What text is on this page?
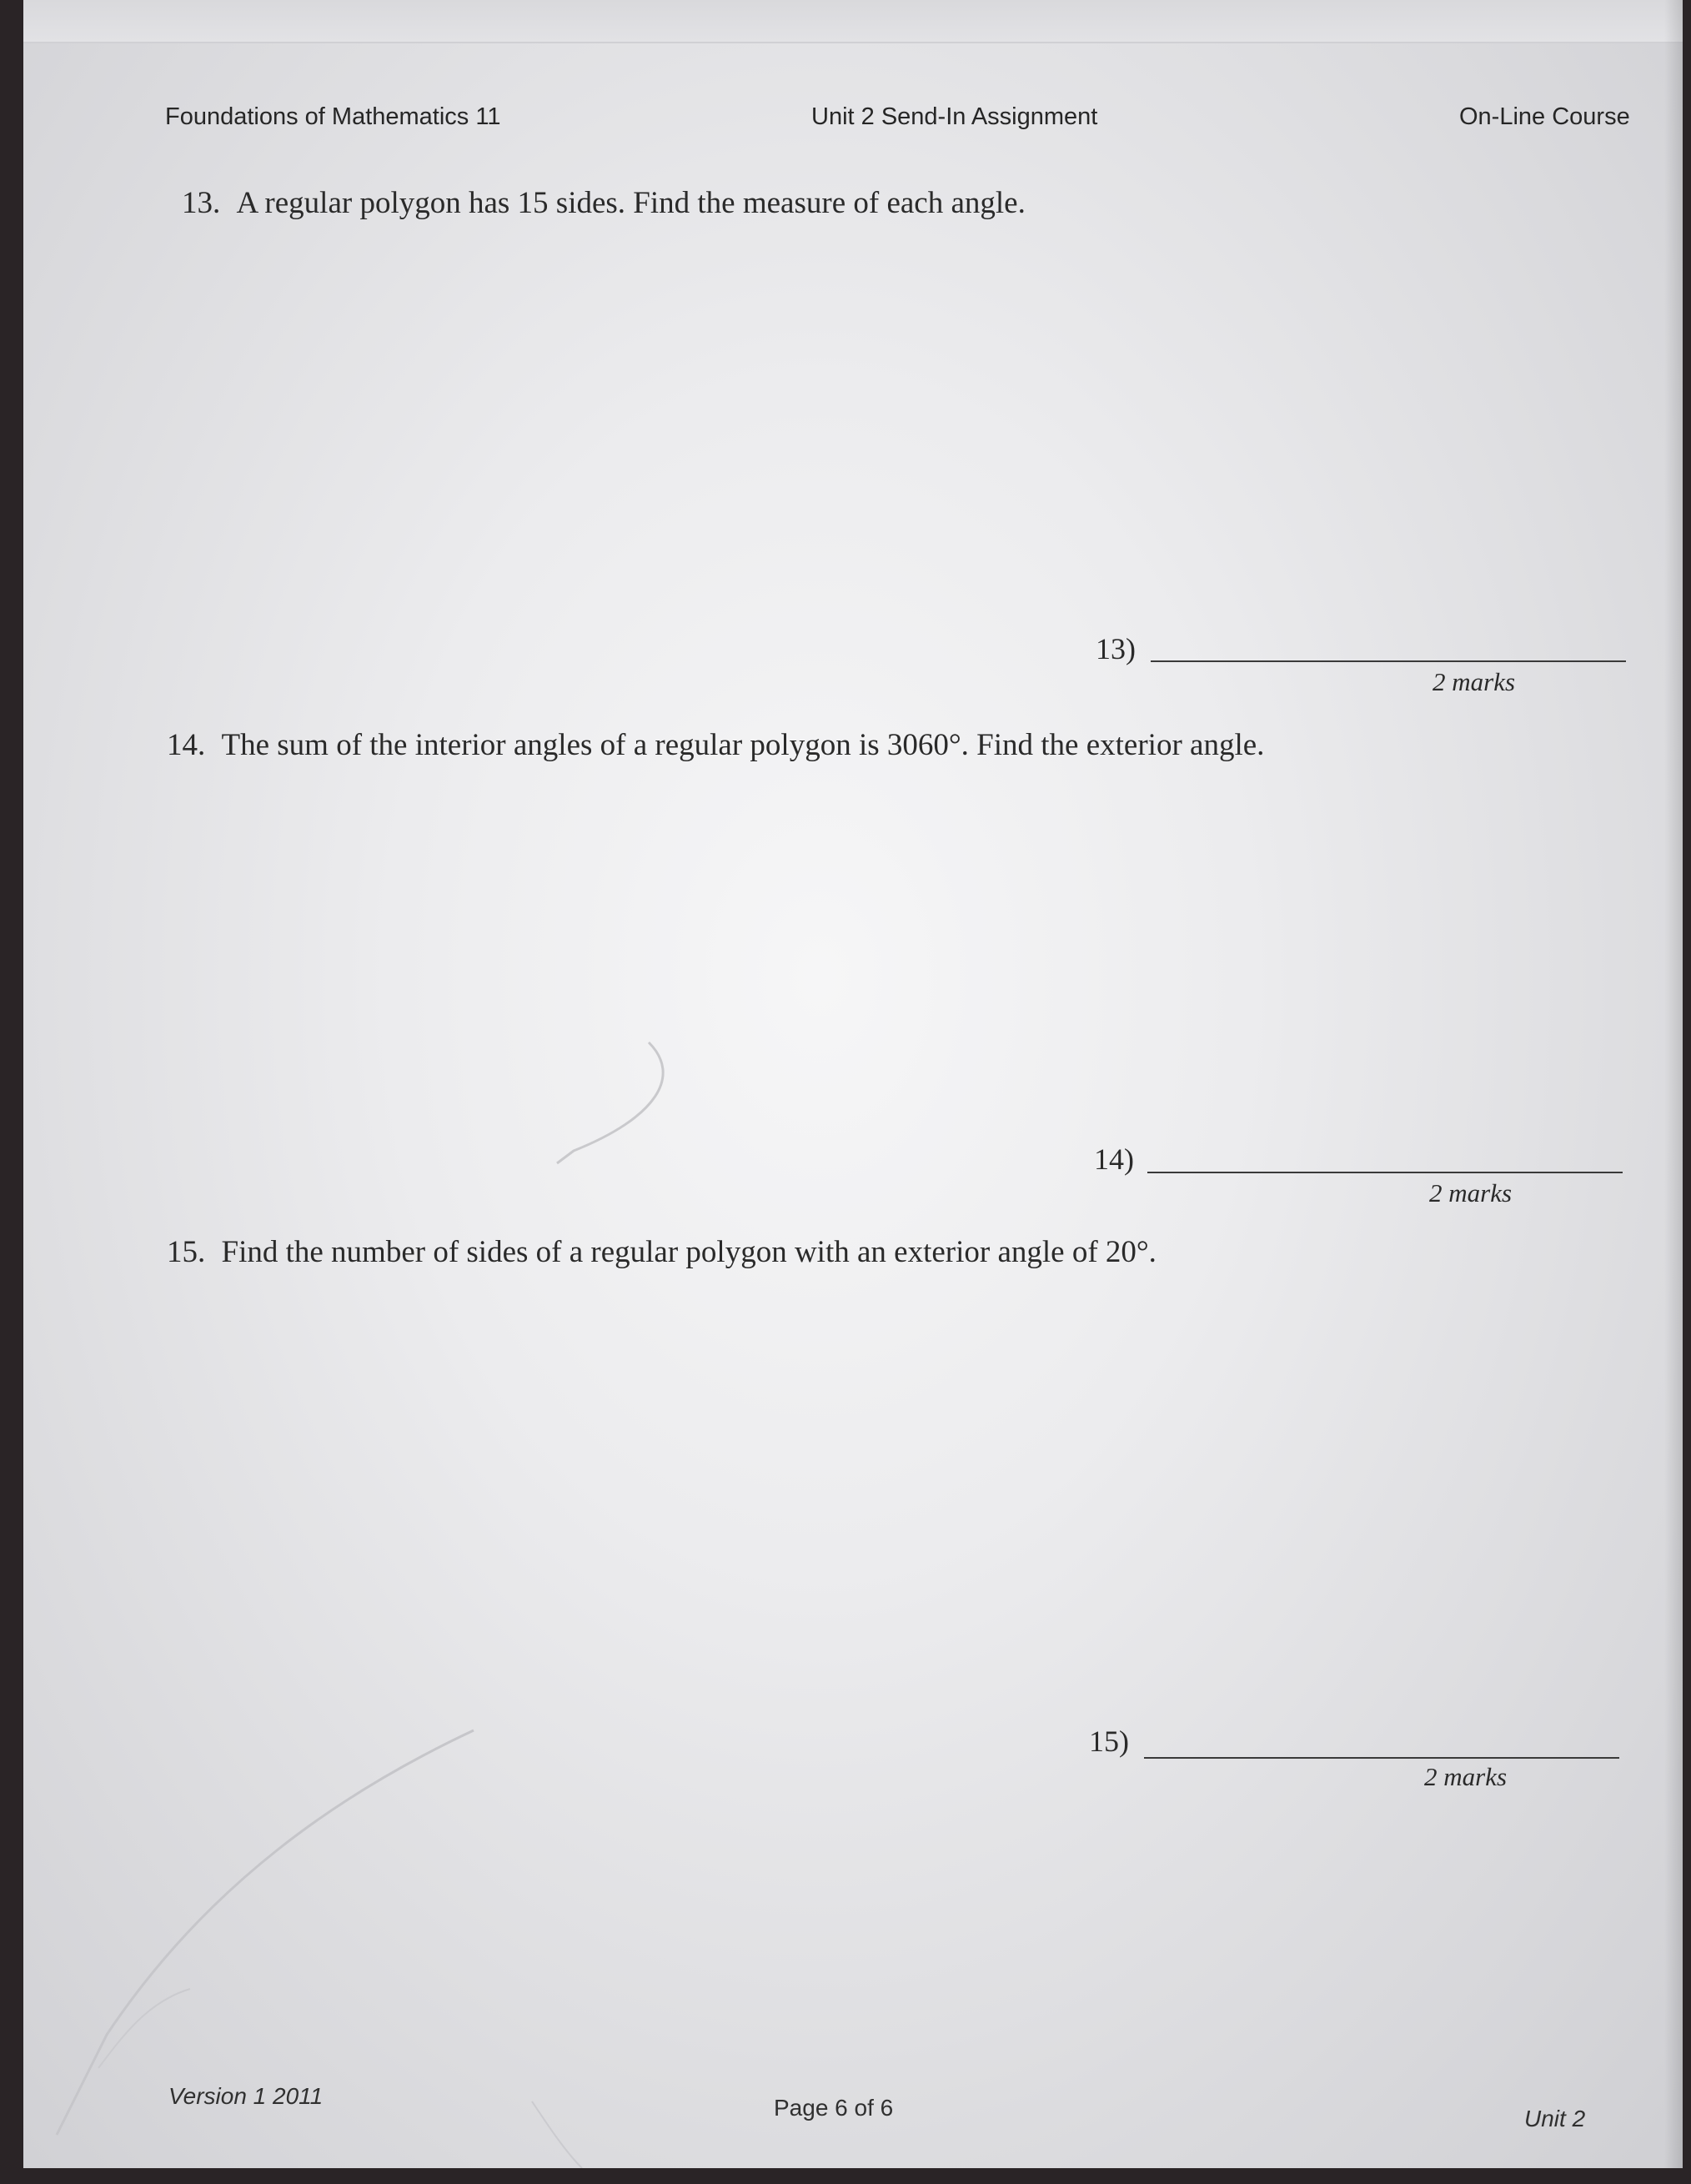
Foundations of Mathematics 11	Unit 2 Send-In Assignment	On-Line Course
13. A regular polygon has 15 sides. Find the measure of each angle.
13)
2 marks
14. The sum of the interior angles of a regular polygon is 3060°. Find the exterior angle.
14)
2 marks
15. Find the number of sides of a regular polygon with an exterior angle of 20°.
15)
2 marks
Version 1 2011	Page 6 of 6	Unit 2
